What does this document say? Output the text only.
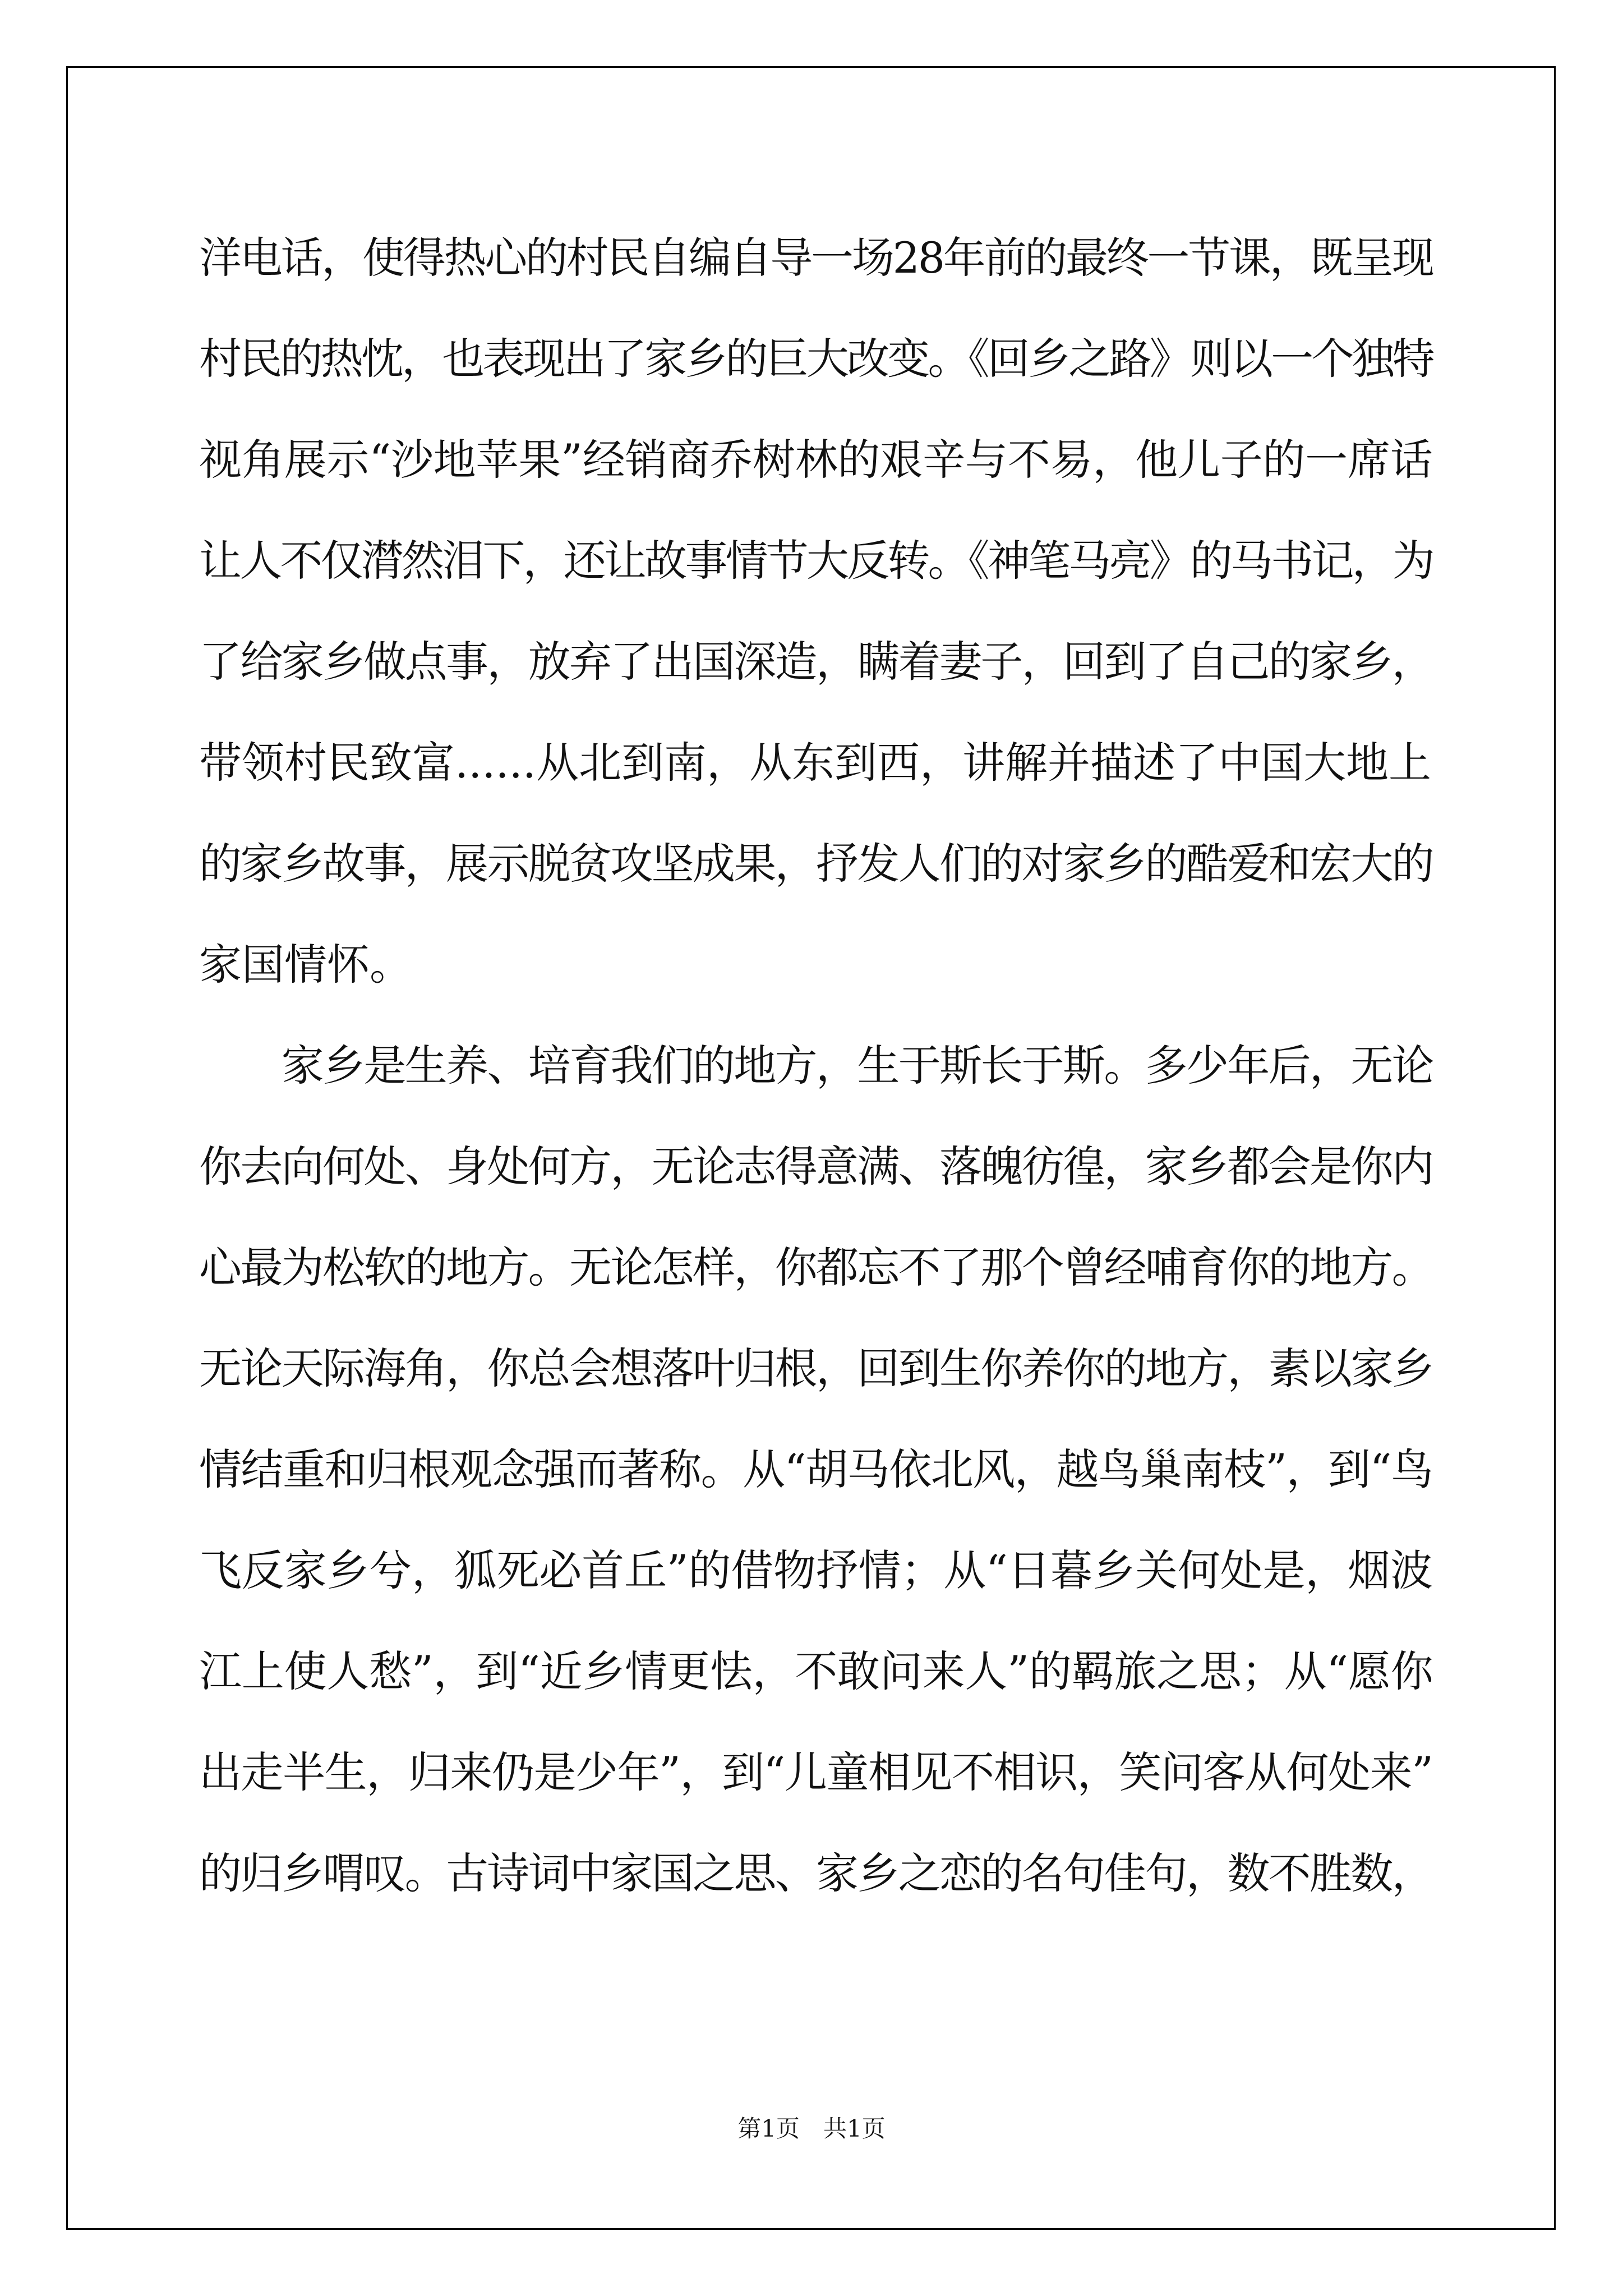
洋电话，使得热心的村民自编自导一场28年前的最终一节课，既呈现
村民的热忱，也表现出了家乡的巨大改变。《回乡之路》则以一个独特
视角展示“沙地苹果”经销商乔树林的艰辛与不易，他儿子的一席话
让人不仅潸然泪下，还让故事情节大反转。《神笔马亮》的马书记，为
了给家乡做点事，放弃了出国深造，瞒着妻子，回到了自己的家乡，
带领村民致富......从北到南，从东到西，讲解并描述了中国大地上
的家乡故事，展示脱贫攻坚成果，抒发人们的对家乡的酷爱和宏大的
家国情怀。
　　家乡是生养、培育我们的地方，生于斯长于斯。多少年后，无论
你去向何处、身处何方，无论志得意满、落魄彷徨，家乡都会是你内
心最为松软的地方。无论怎样，你都忘不了那个曾经哺育你的地方。
无论天际海角，你总会想落叶归根，回到生你养你的地方，素以家乡
情结重和归根观念强而著称。从“胡马依北风，越鸟巢南枝”，到“鸟
飞反家乡兮，狐死必首丘”的借物抒情；从“日暮乡关何处是，烟波
江上使人愁”，到“近乡情更怯，不敢问来人”的羁旅之思；从“愿你
出走半生，归来仍是少年”，到“儿童相见不相识，笑问客从何处来”
的归乡喟叹。古诗词中家国之思、家乡之恋的名句佳句，数不胜数，
第1页　共1页
